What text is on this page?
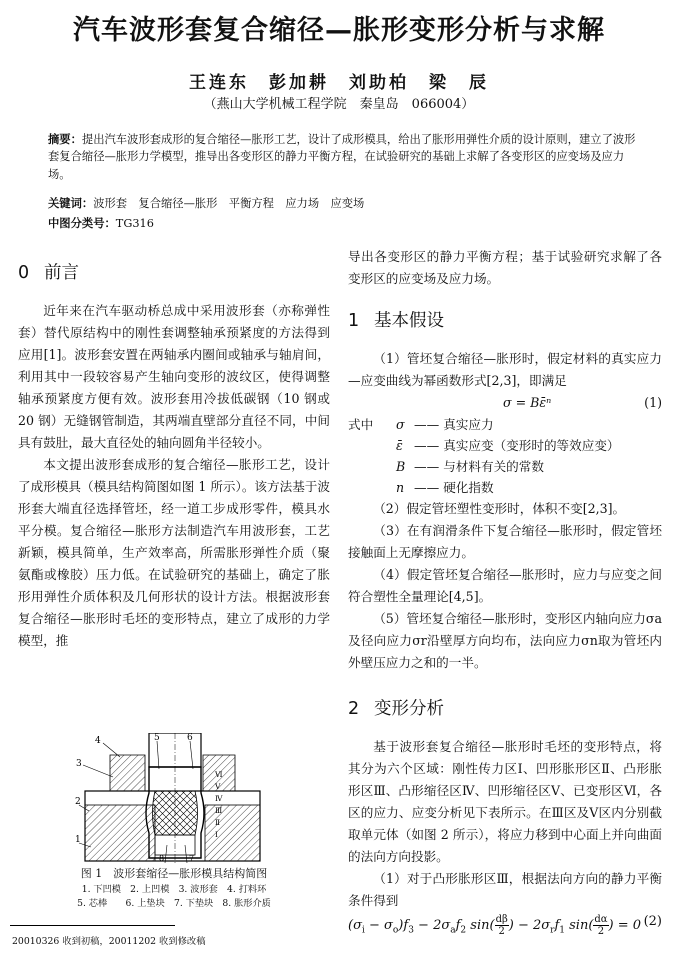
汽车波形套复合缩径—胀形变形分析与求解
王连东　彭加耕　刘助柏　梁　辰
（燕山大学机械工程学院　秦皇岛　066004）
摘要：提出汽车波形套成形的复合缩径—胀形工艺，设计了成形模具，给出了胀形用弹性介质的设计原则，建立了波形套复合缩径—胀形力学模型，推导出各变形区的静力平衡方程，在试验研究的基础上求解了各变形区的应变场及应力场。
关键词：波形套　复合缩径—胀形　平衡方程　应力场　应变场
中图分类号：TG316
0 前言

近年来在汽车驱动桥总成中采用波形套（亦称弹性套）替代原结构中的刚性套调整轴承预紧度的方法得到应用[1]。波形套安置在两轴承内圈间或轴承与轴肩间，利用其中一段较容易产生轴向变形的波纹区，使得调整轴承预紧度方便有效。波形套用冷拔低碳钢（10 钢或 20 钢）无缝钢管制造，其两端直壁部分直径不同，中间具有鼓肚，最大直径处的轴向圆角半径较小。

本文提出波形套成形的复合缩径—胀形工艺，设计了成形模具（模具结构简图如图 1 所示）。该方法基于波形套大端直径选择管坯，经一道工步成形零件，模具水平分模。复合缩径—胀形方法制造汽车用波形套，工艺新颖，模具简单，生产效率高，所需胀形弹性介质（聚氨酯或橡胶）压力低。在试验研究的基础上，确定了胀形用弹性介质体积及几何形状的设计方法。根据波形套复合缩径—胀形时毛坯的变形特点，建立了成形的力学模型，推

4	5	6
3
2
1
8	7
Ⅵ
Ⅴ
Ⅳ
Ⅲ
Ⅱ
Ⅰ
图 1　波形套缩径—胀形模具结构简图
1. 下凹模　2. 上凹模　3. 波形套　4. 打料环
5. 芯棒　　6. 上垫块　7. 下垫块　8. 胀形介质
20010326 收到初稿，20011202 收到修改稿

导出各变形区的静力平衡方程；基于试验研究求解了各变形区的应变场及应力场。

1 基本假设

（1）管坯复合缩径—胀形时，假定材料的真实应力—应变曲线为幂函数形式[2,3]，即满足

σ = Bε̄ⁿ	(1)
式中 σ —— 真实应力
ε̄ —— 真实应变（变形时的等效应变）
B —— 与材料有关的常数
n —— 硬化指数

（2）假定管坯塑性变形时，体积不变[2,3]。

（3）在有润滑条件下复合缩径—胀形时，假定管坯接触面上无摩擦应力。

（4）假定管坯复合缩径—胀形时，应力与应变之间符合塑性全量理论[4,5]。

（5）管坯复合缩径—胀形时，变形区内轴向应力σa及径向应力σr沿壁厚方向均布，法向应力σn取为管坯内外壁压应力之和的一半。

2 变形分析

基于波形套复合缩径—胀形时毛坯的变形特点，将其分为六个区域：刚性传力区Ⅰ、凹形胀形区Ⅱ、凸形胀形区Ⅲ、凸形缩径区Ⅳ、凹形缩径区Ⅴ、已变形区Ⅵ，各区的应力、应变分析见下表所示。在Ⅲ区及Ⅴ区内分别截取单元体（如图 2 所示），将应力移到中心面上并向曲面的法向方向投影。

（1）对于凸形胀形区Ⅲ，根据法向方向的静力平衡条件得到

$(\sigma_i - \sigma_o)f_3 - 2\sigma_af_2$ $\sin( \frac{d\beta}{2}$ ) − $2\sigma_rf_1$ $\sin( \frac{d\alpha}{2}$ ) = 0 (2)
